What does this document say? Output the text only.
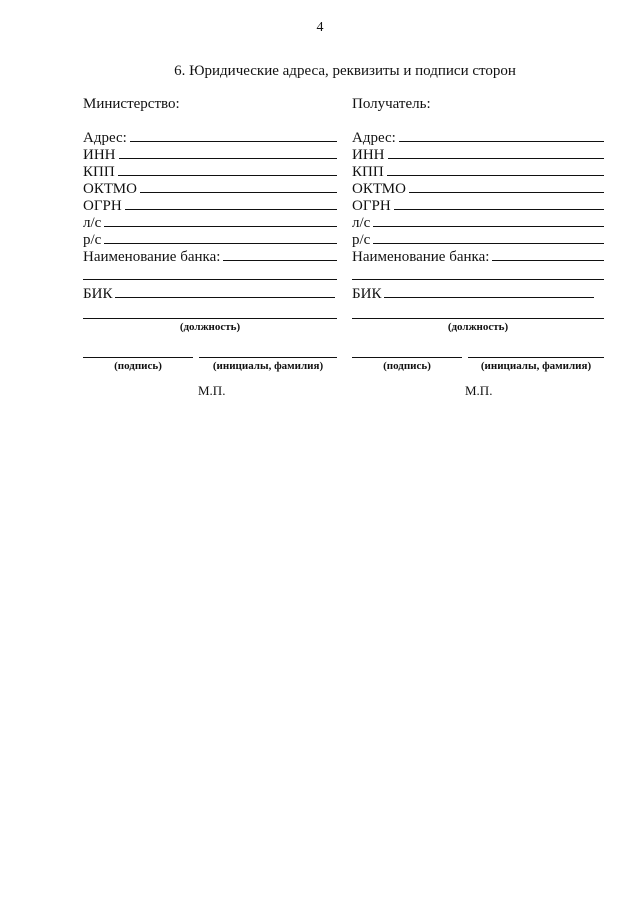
4
6. Юридические адреса, реквизиты и подписи сторон
Министерство:
Адрес:
ИНН
КПП
ОКТМО
ОГРН
л/с
р/с
Наименование банка:
БИК
(должность)
(подпись)	(инициалы, фамилия)
Получатель:
Адрес:
ИНН
КПП
ОКТМО
ОГРН
л/с
р/с
Наименование банка:
БИК
(должность)
(подпись)	(инициалы, фамилия)
М.П.	М.П.
